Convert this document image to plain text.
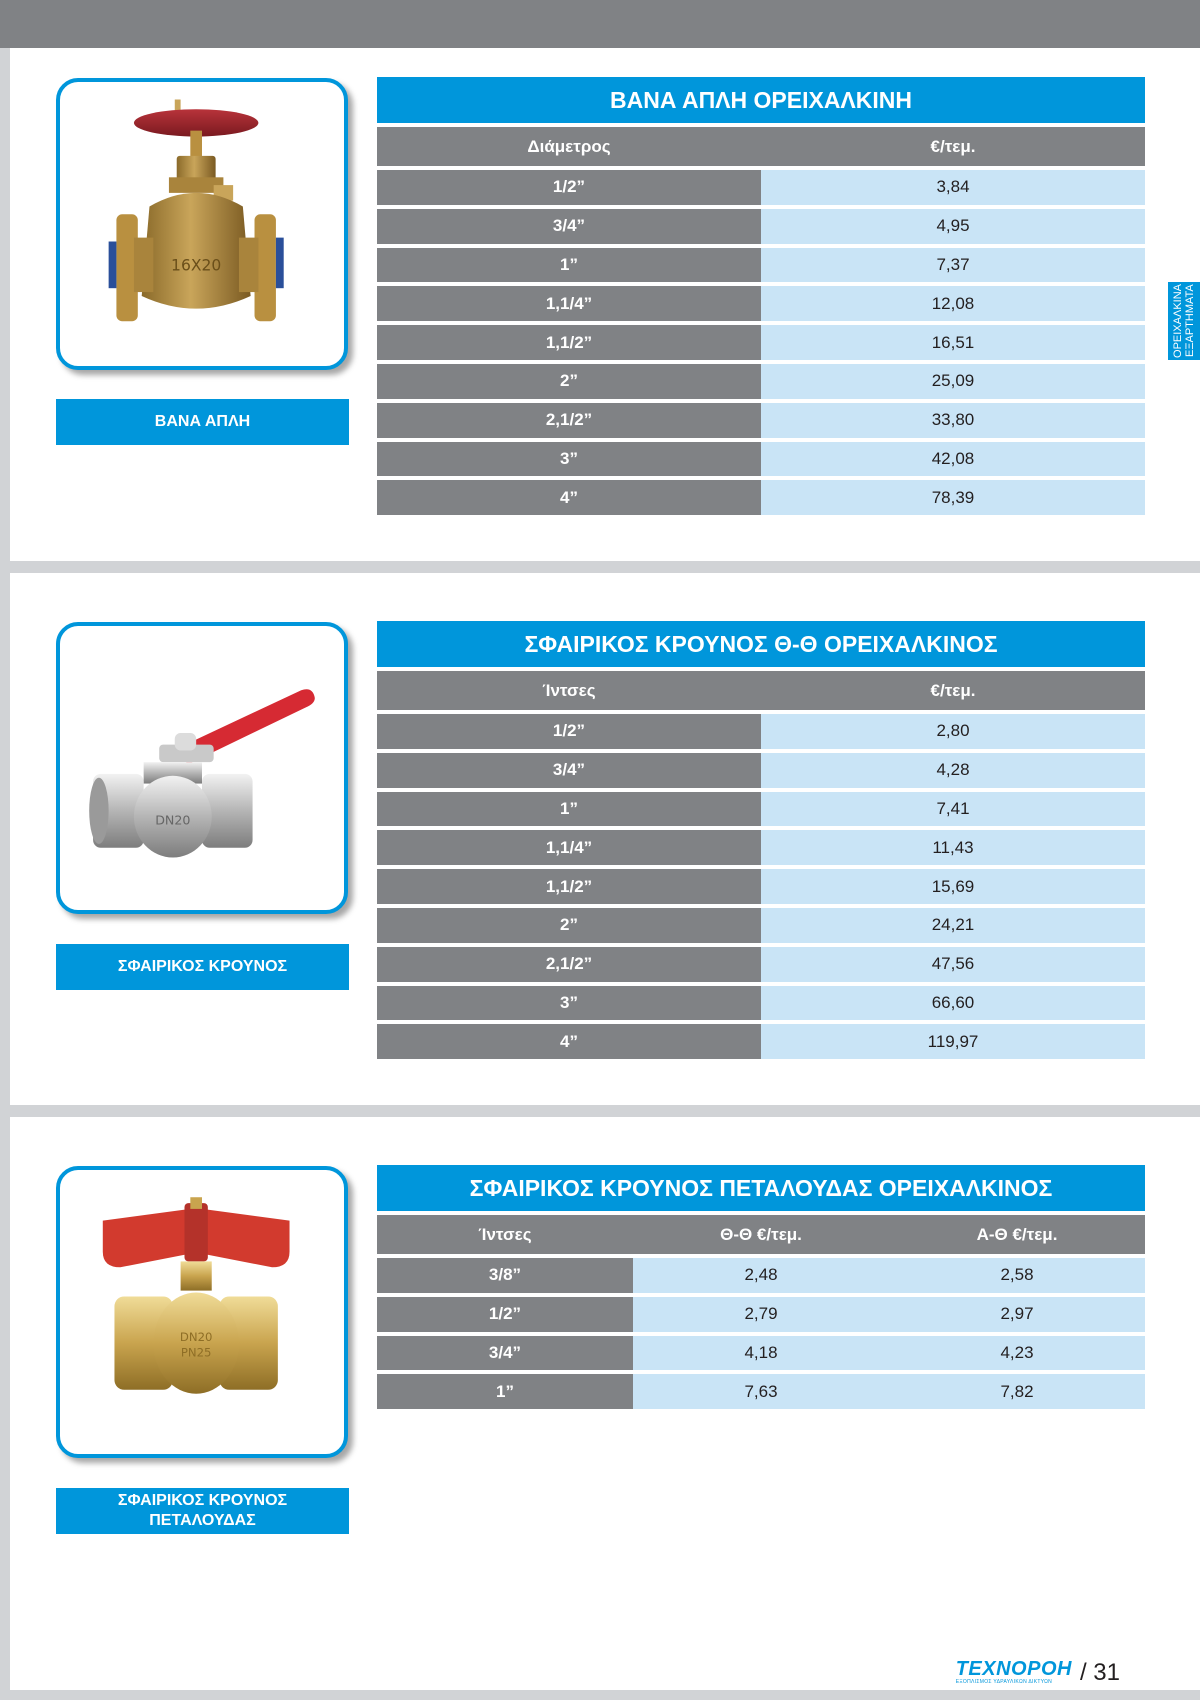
ΟΡΕΙΧΑΛΚΙΝΑ
ΕΞΑΡΤΗΜΑΤΑ
16X20
ΒΑΝΑ ΑΠΛΗ
ΒΑΝΑ ΑΠΛΗ ΟΡΕΙΧΑΛΚΙΝΗ	
Διάμετρος	€/τεμ.
1/2”	3,84
3/4”	4,95
1”	7,37
1,1/4”	12,08
1,1/2”	16,51
2”	25,09
2,1/2”	33,80
3”	42,08
4”	78,39
DN20
ΣΦΑΙΡΙΚΟΣ ΚΡΟΥΝΟΣ
ΣΦΑΙΡΙΚΟΣ ΚΡΟΥΝΟΣ Θ-Θ ΟΡΕΙΧΑΛΚΙΝΟΣ	
Ίντσες	€/τεμ.
1/2”	2,80
3/4”	4,28
1”	7,41
1,1/4”	11,43
1,1/2”	15,69
2”	24,21
2,1/2”	47,56
3”	66,60
4”	119,97
DN20
PN25
ΣΦΑΙΡΙΚΟΣ ΚΡΟΥΝΟΣ
ΠΕΤΑΛΟΥΔΑΣ
ΣΦΑΙΡΙΚΟΣ ΚΡΟΥΝΟΣ ΠΕΤΑΛΟΥΔΑΣ ΟΡΕΙΧΑΛΚΙΝΟΣ		
Ίντσες	Θ-Θ €/τεμ.	Α-Θ €/τεμ.
3/8”	2,48	2,58
1/2”	2,79	2,97
3/4”	4,18	4,23
1”	7,63	7,82
ΤΕΧΝΟΡΟΗ
ΕΞΟΠΛΙΣΜΟΣ ΥΔΡΑΥΛΙΚΩΝ ΔΙΚΤΥΩΝ / 31
